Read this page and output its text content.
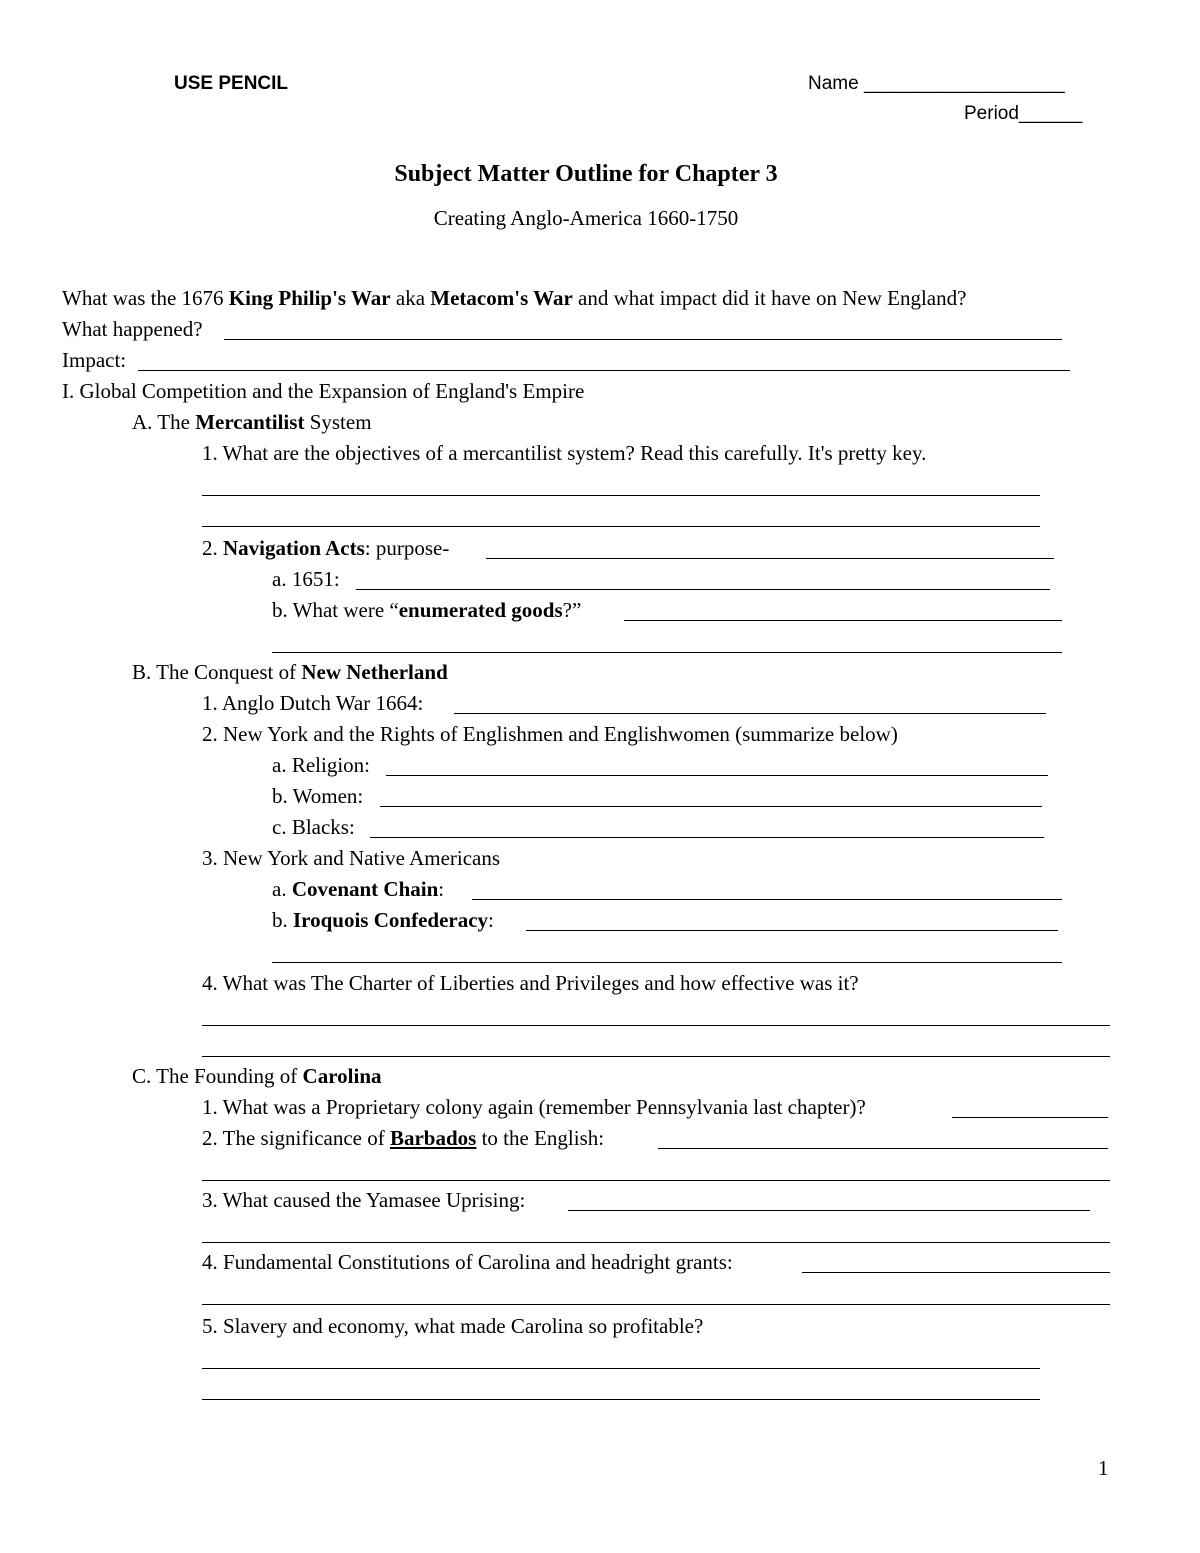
USE PENCIL	Name ___________________
Period______
Subject Matter Outline for Chapter 3
Creating Anglo-America 1660-1750
What was the 1676 King Philip's War aka Metacom's War and what impact did it have on New England?
What happened?
Impact:
I. Global Competition and the Expansion of England's Empire
A. The Mercantilist System
1. What are the objectives of a mercantilist system? Read this carefully. It's pretty key.
2. Navigation Acts: purpose-
a. 1651:
b. What were “enumerated goods?”
B. The Conquest of New Netherland
1. Anglo Dutch War 1664:
2. New York and the Rights of Englishmen and Englishwomen (summarize below)
a. Religion:
b. Women:
c. Blacks:
3. New York and Native Americans
a. Covenant Chain:
b. Iroquois Confederacy:
4. What was The Charter of Liberties and Privileges and how effective was it?
C. The Founding of Carolina
1. What was a Proprietary colony again (remember Pennsylvania last chapter)?
2. The significance of Barbados to the English:
3. What caused the Yamasee Uprising:
4. Fundamental Constitutions of Carolina and headright grants:
5. Slavery and economy, what made Carolina so profitable?
1
